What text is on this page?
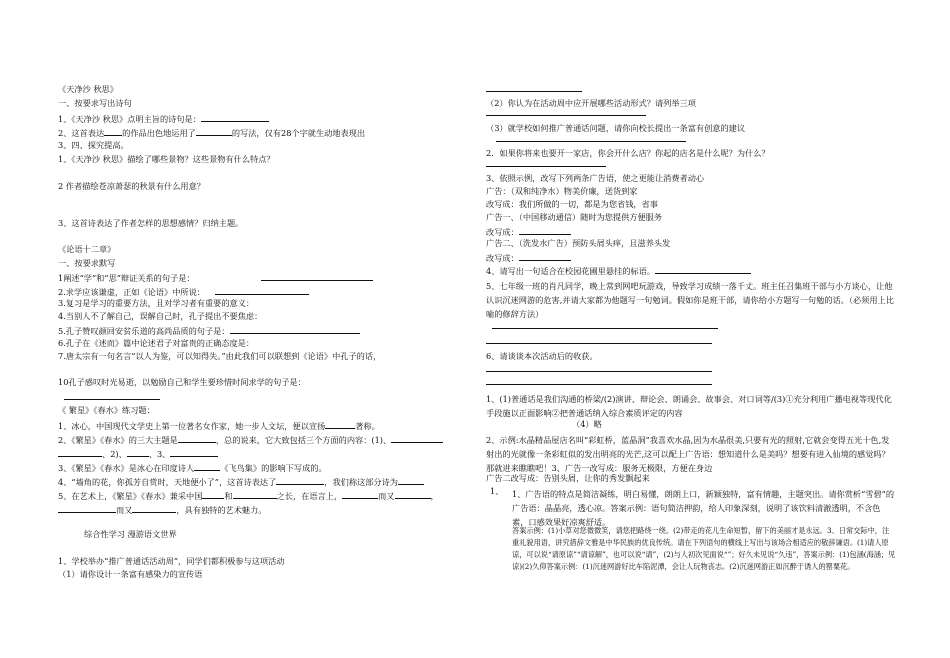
《天净沙 秋思》
一、按要求写出诗句
1、《天净沙 秋思》点明主旨的诗句是：
2、这首表达 的作品出色地运用了	的写法，仅有28个字就生动地表现出
3、四、探究提高。
1、《天净沙 秋思》描绘了哪些景物？这些景物有什么特点？
2 作者描绘苍凉萧瑟的秋景有什么用意？
3、这首诗表达了作者怎样的思想感情？归纳主题。
《论语十二章》
一、按要求默写
1阐述“学”和“思”辩证关系的句子是：
2.求学应该谦虚，正如《论语》中所说：
3.复习是学习的重要方法，且对学习者有重要的意义：
4.当别人不了解自己，误解自己时，孔子提出不要焦虑：
5.孔子赞叹颜回安贫乐道的高尚品质的句子是：
6.孔子在《述而》篇中论述君子对富贵的正确态度是：
7.唐太宗有一句名言“以人为鉴，可以知得失。”由此我们可以联想到《论语》中孔子的话，
10孔子感叹时光易逝，以勉励自己和学生要珍惜时间求学的句子是：
《 繁星》《春水》练习题：
1、冰心，中国现代文学史上第一位著名女作家，她一步人文坛，便以宣扬	著称。
2、《繁星》《春水》的三大主题是	，总的说来，它大致包括三个方面的内容：(1)、
、2)、	、3、
3、《繁星》《春水》是冰心在印度诗人	《飞鸟集》的影响下写成的。
4、“墙角的花，你孤芳自赏时，天地便小了”，这首诗表达了	，我们称这部分诗为
5、在艺术上，《繁星》《春水》兼采中国	和	之长，在语言上，	而又	，
而又	，具有独特的艺术魅力。
综合性学习 漫游语文世界
1、学校举办“推广普通话活动周”，同学们都积极参与这项活动
（1）请你设计一条富有感染力的宣传语
（2）你认为在活动周中应开展哪些活动形式？请列举三项
（3）就学校如何推广普通话问题，请你向校长提出一条富有创意的建议
2．如果你将来也要开一家店，你会开什么店？你起的店名是什么呢？为什么？
3、依照示例，改写下列两条广告语，使之更能让消费者动心
广告：（双和纯净水）物美价廉，送货到家
改写成：我们所做的一切，都是为您省钱，省事
广告一、（中国移动通信）随时为您提供方便服务
改写成：
广告二、（洗发水广告）预防头屑头痒，且滋养头发
改写成：
4、请写出一句适合在校园花圃里悬挂的标语。
5、七年级一班的肖凡同学，晚上常到网吧玩游戏，导致学习成绩一落千丈。班主任召集班干部与小方谈心，让他认识沉迷网游的危害,并请大家都为他题写一句勉词。假如你是班干部，请你给小方题写一句勉的话。（必须用上比喻的修辞方法）
6、请谈谈本次活动后的收获。
1、(1)普通话是我们沟通的桥梁/(2)演讲、辩论会、朗诵会、故事会、对口词等/(3)①充分利用广播电视等现代化手段施以正面影响②把普通话纳入综合素质评定的内容
（4）略
2、示例:水晶精品屋店名叫“彩虹桥，蓝晶洞”我喜欢水晶,因为水晶很美,只要有光的照射,它就会变得五光十色,发射出的光就像一条彩虹似的发出明亮的光芒,这可以配上广告语：想知道什么是美吗？想要有进入仙境的感觉吗？那就进来瞧瞧吧！3、广告一改写成：服务无极限，方便在身边
广告二改写成：告别头屑，让你的秀发飘起来
1、 1、广告语的特点是简洁凝练，明白易懂，朗朗上口，新颖独特，富有情趣，主题突出。请你赏析“雪碧”的广告语：晶晶亮，透心凉。答案示例：语句简洁押韵，给人印象深刻，说明了该饮料清澈透明，不含色素，口感效果好凉爽舒适。
答案示例：(1)小草对您微微笑，请您把路绕一绕。(2)带走的花儿生命短暂，留下的美丽才是永远。3、日常交际中，注重礼貌用语，讲究措辞文雅是中华民族的优良传统。请在下列语句的横线上写出与该场合相适应的敬辞谦语。(1)请人原谅，可以说“请原谅”“请谅解”，也可以说“请”，(2)与人初次见面说“”；好久未见说“久违”，答案示例：(1)包涵(海涵；见谅)(2)久仰答案示例：(1)沉迷网游好比车陷泥潭，会让人玩物丧志。(2)沉迷网游正如沉醉于诱人的罂粟花。
